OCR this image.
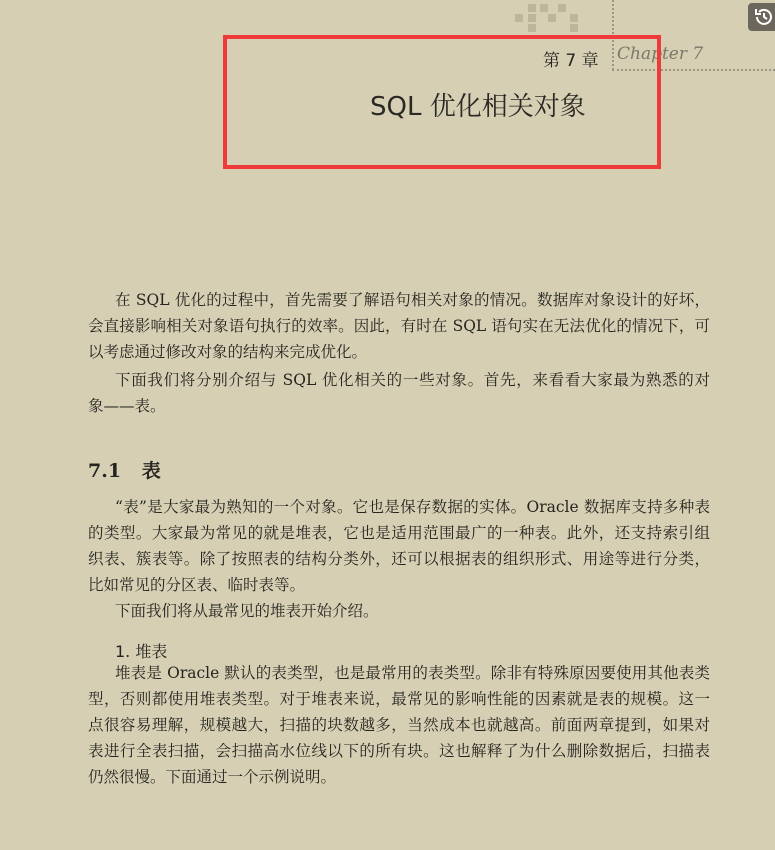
第 7 章 Chapter 7
SQL 优化相关对象
在 SQL 优化的过程中，首先需要了解语句相关对象的情况。数据库对象设计的好坏，
会直接影响相关对象语句执行的效率。因此，有时在 SQL 语句实在无法优化的情况下，可
以考虑通过修改对象的结构来完成优化。
下面我们将分别介绍与 SQL 优化相关的一些对象。首先，来看看大家最为熟悉的对
象——表。
7.1 表
“表”是大家最为熟知的一个对象。它也是保存数据的实体。Oracle 数据库支持多种表
的类型。大家最为常见的就是堆表，它也是适用范围最广的一种表。此外，还支持索引组
织表、簇表等。除了按照表的结构分类外，还可以根据表的组织形式、用途等进行分类，
比如常见的分区表、临时表等。
下面我们将从最常见的堆表开始介绍。
1. 堆表
堆表是 Oracle 默认的表类型，也是最常用的表类型。除非有特殊原因要使用其他表类
型，否则都使用堆表类型。对于堆表来说，最常见的影响性能的因素就是表的规模。这一
点很容易理解，规模越大，扫描的块数越多，当然成本也就越高。前面两章提到，如果对
表进行全表扫描，会扫描高水位线以下的所有块。这也解释了为什么删除数据后，扫描表
仍然很慢。下面通过一个示例说明。
